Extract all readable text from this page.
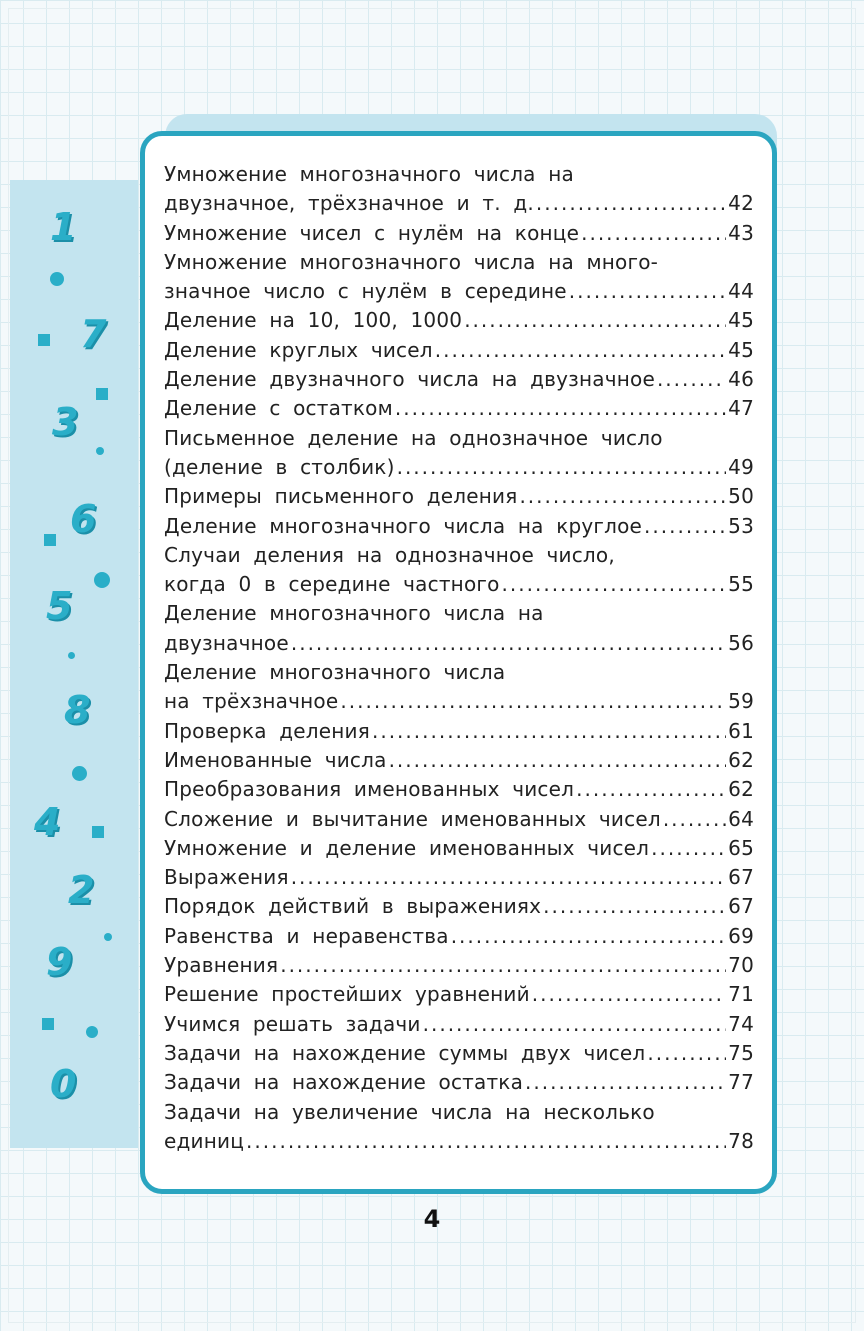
1
7
3
6
5
8
4
2
9
0
Умножение многозначного числа на
двузначное, трёхзначное и т. д. .....	42
Умножение чисел с нулём на конце .....	43
Умножение многозначного числа на много-
значное число с нулём в середине .....	44
Деление на 10, 100, 1000 .....	45
Деление круглых чисел .....	45
Деление двузначного числа на двузначное .....	46
Деление с остатком .....	47
Письменное деление на однозначное число
(деление в столбик) .....	49
Примеры письменного деления .....	50
Деление многозначного числа на круглое .....	53
Случаи деления на однозначное число,
когда 0 в середине частного .....	55
Деление многозначного числа на
двузначное .....	56
Деление многозначного числа
на трёхзначное .....	59
Проверка деления .....	61
Именованные числа .....	62
Преобразования именованных чисел .....	62
Сложение и вычитание именованных чисел .....	64
Умножение и деление именованных чисел .....	65
Выражения .....	67
Порядок действий в выражениях .....	67
Равенства и неравенства .....	69
Уравнения .....	70
Решение простейших уравнений .....	71
Учимся решать задачи .....	74
Задачи на нахождение суммы двух чисел .....	75
Задачи на нахождение остатка .....	77
Задачи на увеличение числа на несколько
единиц .....	78
4
